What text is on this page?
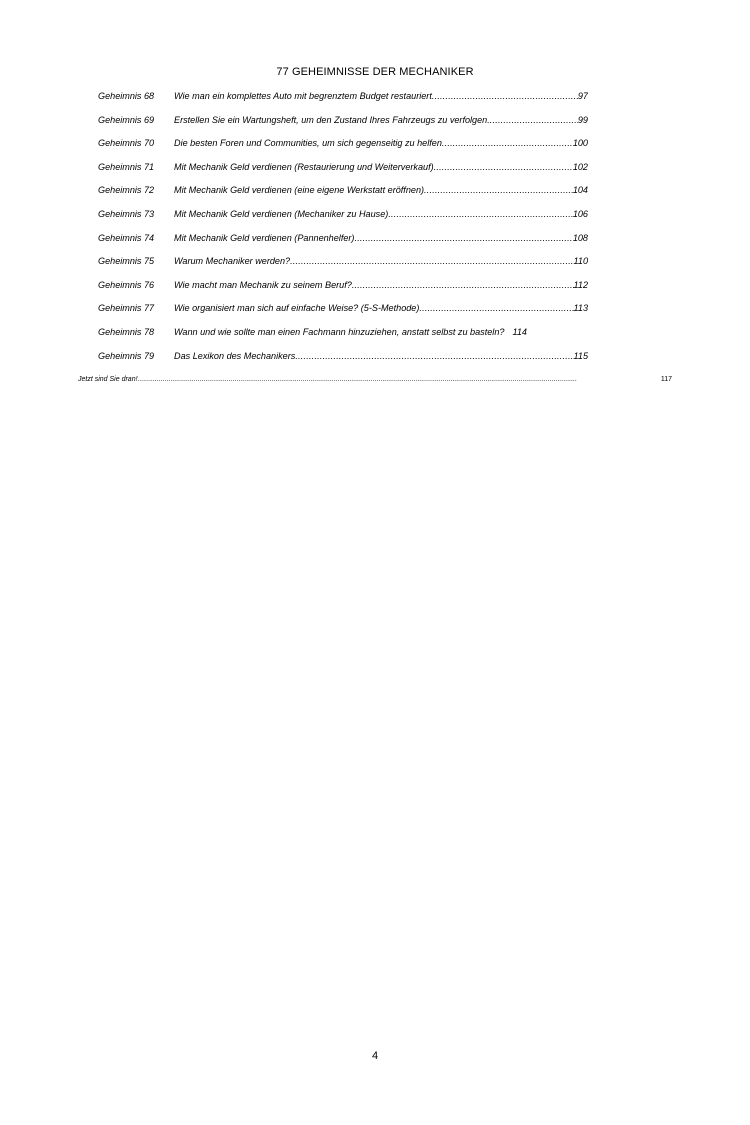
77 GEHEIMNISSE DER MECHANIKER
Geheimnis 68	Wie man ein komplettes Auto mit begrenztem Budget restauriert .....	97
Geheimnis 69	Erstellen Sie ein Wartungsheft, um den Zustand Ihres Fahrzeugs zu verfolgen. .....	99
Geheimnis 70	Die besten Foren und Communities, um sich gegenseitig zu helfen .....	100
Geheimnis 71	Mit Mechanik Geld verdienen (Restaurierung und Weiterverkauf) .....	102
Geheimnis 72	Mit Mechanik Geld verdienen (eine eigene Werkstatt eröffnen) .....	104
Geheimnis 73	Mit Mechanik Geld verdienen (Mechaniker zu Hause) .....	106
Geheimnis 74	Mit Mechanik Geld verdienen (Pannenhelfer) .....	108
Geheimnis 75	Warum Mechaniker werden? .....	110
Geheimnis 76	Wie macht man Mechanik zu seinem Beruf? .....	112
Geheimnis 77	Wie organisiert man sich auf einfache Weise? (5-S-Methode) .....	113
Geheimnis 78	Wann und wie sollte man einen Fachmann hinzuziehen, anstatt selbst zu basteln? 114
Geheimnis 79	Das Lexikon des Mechanikers .....	115
Jetzt sind Sie dran! .....	117
4
